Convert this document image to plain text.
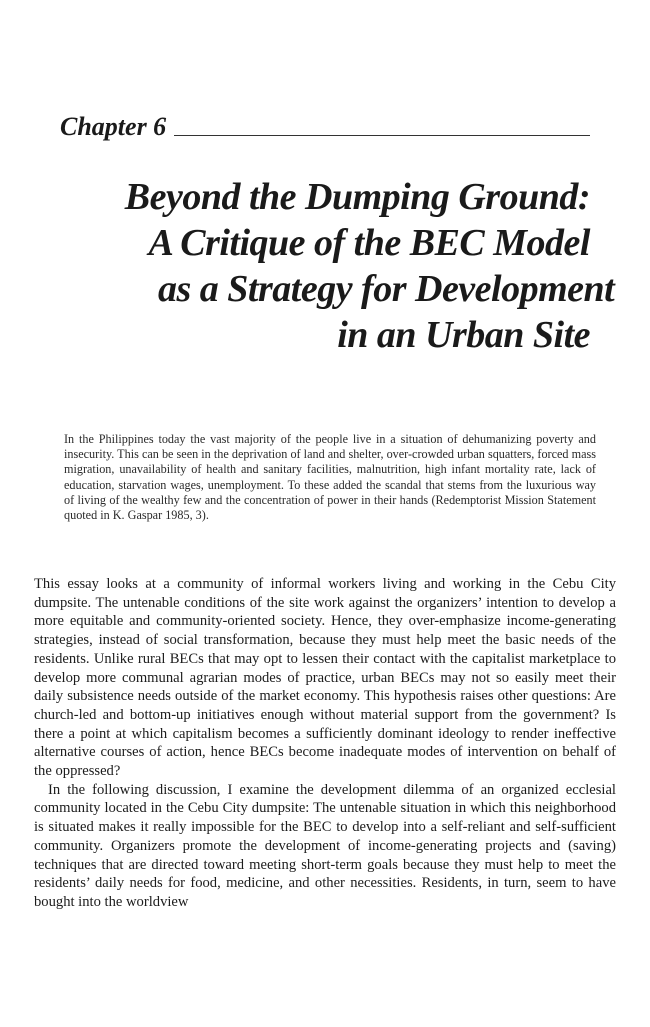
Chapter 6
Beyond the Dumping Ground:
A Critique of the BEC Model
as a Strategy for Development
in an Urban Site
In the Philippines today the vast majority of the people live in a situation of dehumanizing poverty and insecurity. This can be seen in the deprivation of land and shelter, over-crowded urban squatters, forced mass migration, unavailability of health and sanitary facilities, malnutrition, high infant mortality rate, lack of education, starvation wages, unemployment. To these added the scandal that stems from the luxurious way of living of the wealthy few and the concentration of power in their hands (Redemptorist Mission Statement quoted in K. Gaspar 1985, 3).

This essay looks at a community of informal workers living and working in the Cebu City dumpsite. The untenable conditions of the site work against the organizers’ intention to develop a more equitable and community-oriented society. Hence, they over-emphasize income-generating strategies, instead of social transformation, because they must help meet the basic needs of the residents. Unlike rural BECs that may opt to lessen their contact with the capitalist marketplace to develop more communal agrarian modes of practice, urban BECs may not so easily meet their daily subsistence needs outside of the market economy. This hypothesis raises other questions: Are church-led and bottom-up initiatives enough without material support from the government? Is there a point at which capitalism becomes a sufficiently dominant ideology to render ineffective alternative courses of action, hence BECs become inadequate modes of intervention on behalf of the oppressed?

In the following discussion, I examine the development dilemma of an organized ecclesial community located in the Cebu City dumpsite: The untenable situation in which this neighborhood is situated makes it really impossible for the BEC to develop into a self-reliant and self-sufficient community. Organizers promote the development of income-generating projects and (saving) techniques that are directed toward meeting short-term goals because they must help to meet the residents’ daily needs for food, medicine, and other necessities. Residents, in turn, seem to have bought into the worldview
